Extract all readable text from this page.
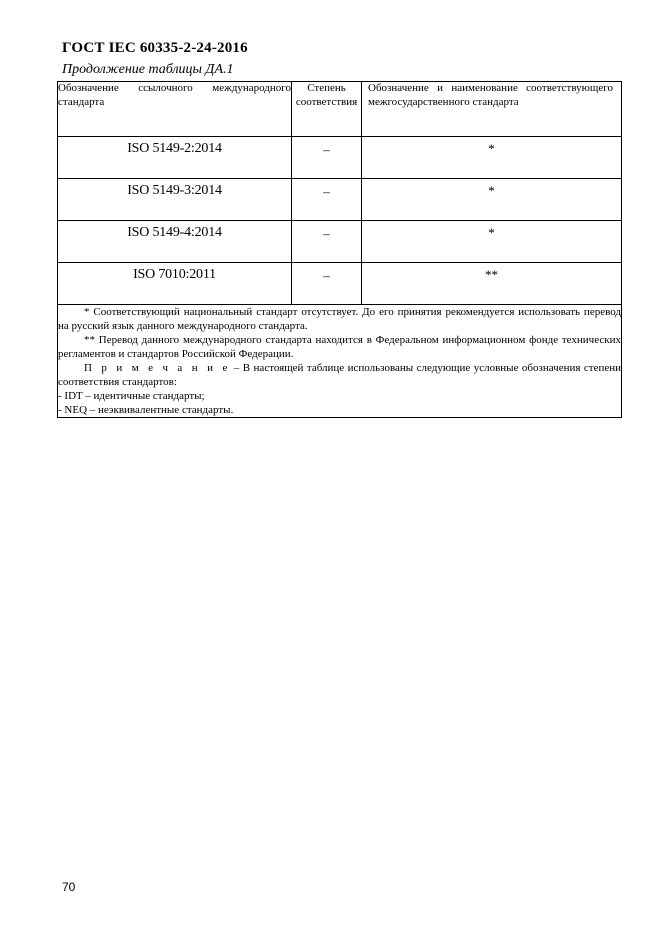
ГОСТ IEC 60335-2-24-2016
Продолжение таблицы ДА.1
Обозначение ссылочного международного стандарта	Степень соответствия	Обозначение и наименование соответствующего межгосударственного стандарта
ISO 5149-2:2014	–	*
ISO 5149-3:2014	–	*
ISO 5149-4:2014	–	*
ISO 7010:2011	–	**

* Соответствующий национальный стандарт отсутствует. До его принятия рекомендуется использовать перевод на русский язык данного международного стандарта.

** Перевод данного международного стандарта находится в Федеральном информационном фонде технических регламентов и стандартов Российской Федерации.

П р и м е ч а н и е – В настоящей таблице использованы следующие условные обозначения степени соответствия стандартов:

- IDT – идентичные стандарты;

- NEQ – неэквивалентные стандарты.		

70
